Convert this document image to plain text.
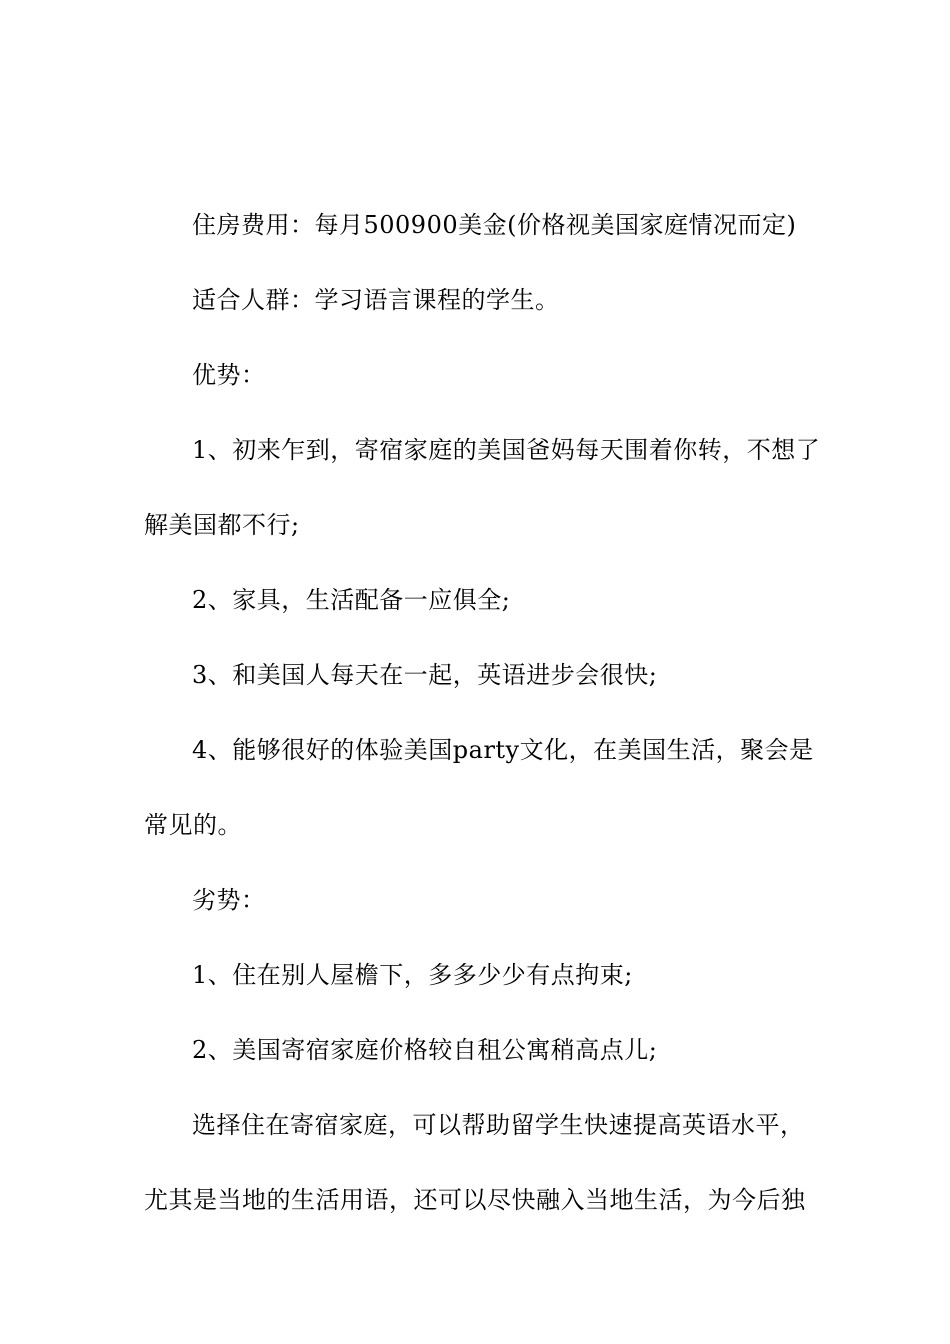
住房费用：每月500900美金(价格视美国家庭情况而定)
适合人群：学习语言课程的学生。
优势：
1、初来乍到，寄宿家庭的美国爸妈每天围着你转，不想了
解美国都不行;
2、家具，生活配备一应俱全;
3、和美国人每天在一起，英语进步会很快;
4、能够很好的体验美国party文化，在美国生活，聚会是
常见的。
劣势：
1、住在别人屋檐下，多多少少有点拘束;
2、美国寄宿家庭价格较自租公寓稍高点儿;
选择住在寄宿家庭，可以帮助留学生快速提高英语水平，
尤其是当地的生活用语，还可以尽快融入当地生活，为今后独
